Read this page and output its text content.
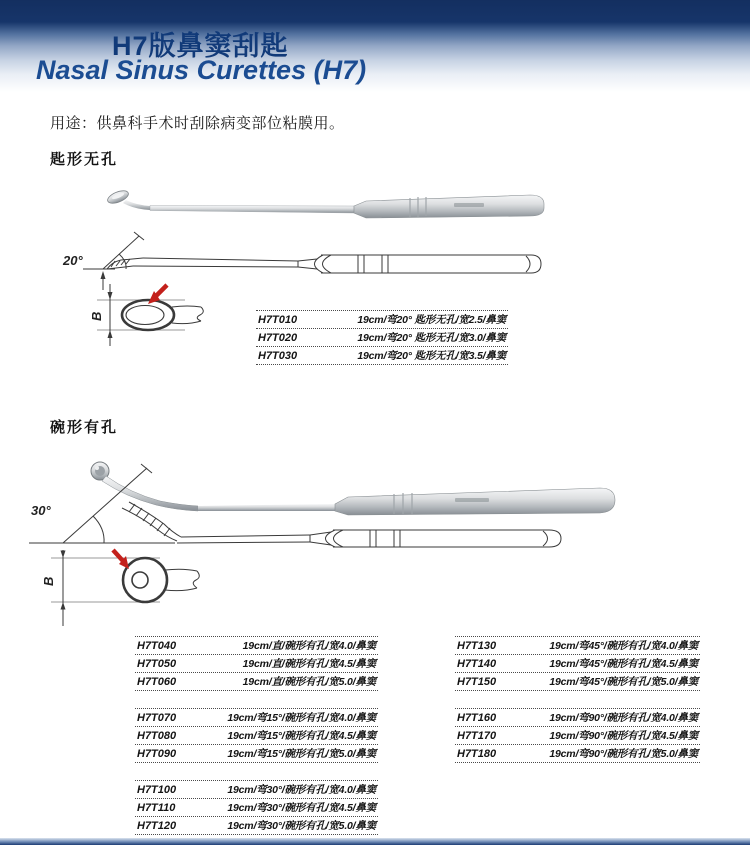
H7版鼻窦刮匙
Nasal Sinus Curettes (H7)
用途：供鼻科手术时刮除病变部位粘膜用。
匙形无孔
20°
B	H7T010	19cm/弯20° 匙形无孔/宽2.5/鼻窦
H7T020	19cm/弯20° 匙形无孔/宽3.0/鼻窦
H7T030	19cm/弯20° 匙形无孔/宽3.5/鼻窦
碗形有孔
30°
B
H7T040	19cm/直/碗形有孔/宽4.0/鼻窦
H7T050	19cm/直/碗形有孔/宽4.5/鼻窦
H7T060	19cm/直/碗形有孔/宽5.0/鼻窦
H7T070	19cm/弯15°/碗形有孔/宽4.0/鼻窦
H7T080	19cm/弯15°/碗形有孔/宽4.5/鼻窦
H7T090	19cm/弯15°/碗形有孔/宽5.0/鼻窦
H7T100	19cm/弯30°/碗形有孔/宽4.0/鼻窦
H7T110	19cm/弯30°/碗形有孔/宽4.5/鼻窦
H7T120	19cm/弯30°/碗形有孔/宽5.0/鼻窦
H7T130	19cm/弯45°/碗形有孔/宽4.0/鼻窦
H7T140	19cm/弯45°/碗形有孔/宽4.5/鼻窦
H7T150	19cm/弯45°/碗形有孔/宽5.0/鼻窦
H7T160	19cm/弯90°/碗形有孔/宽4.0/鼻窦
H7T170	19cm/弯90°/碗形有孔/宽4.5/鼻窦
H7T180	19cm/弯90°/碗形有孔/宽5.0/鼻窦
